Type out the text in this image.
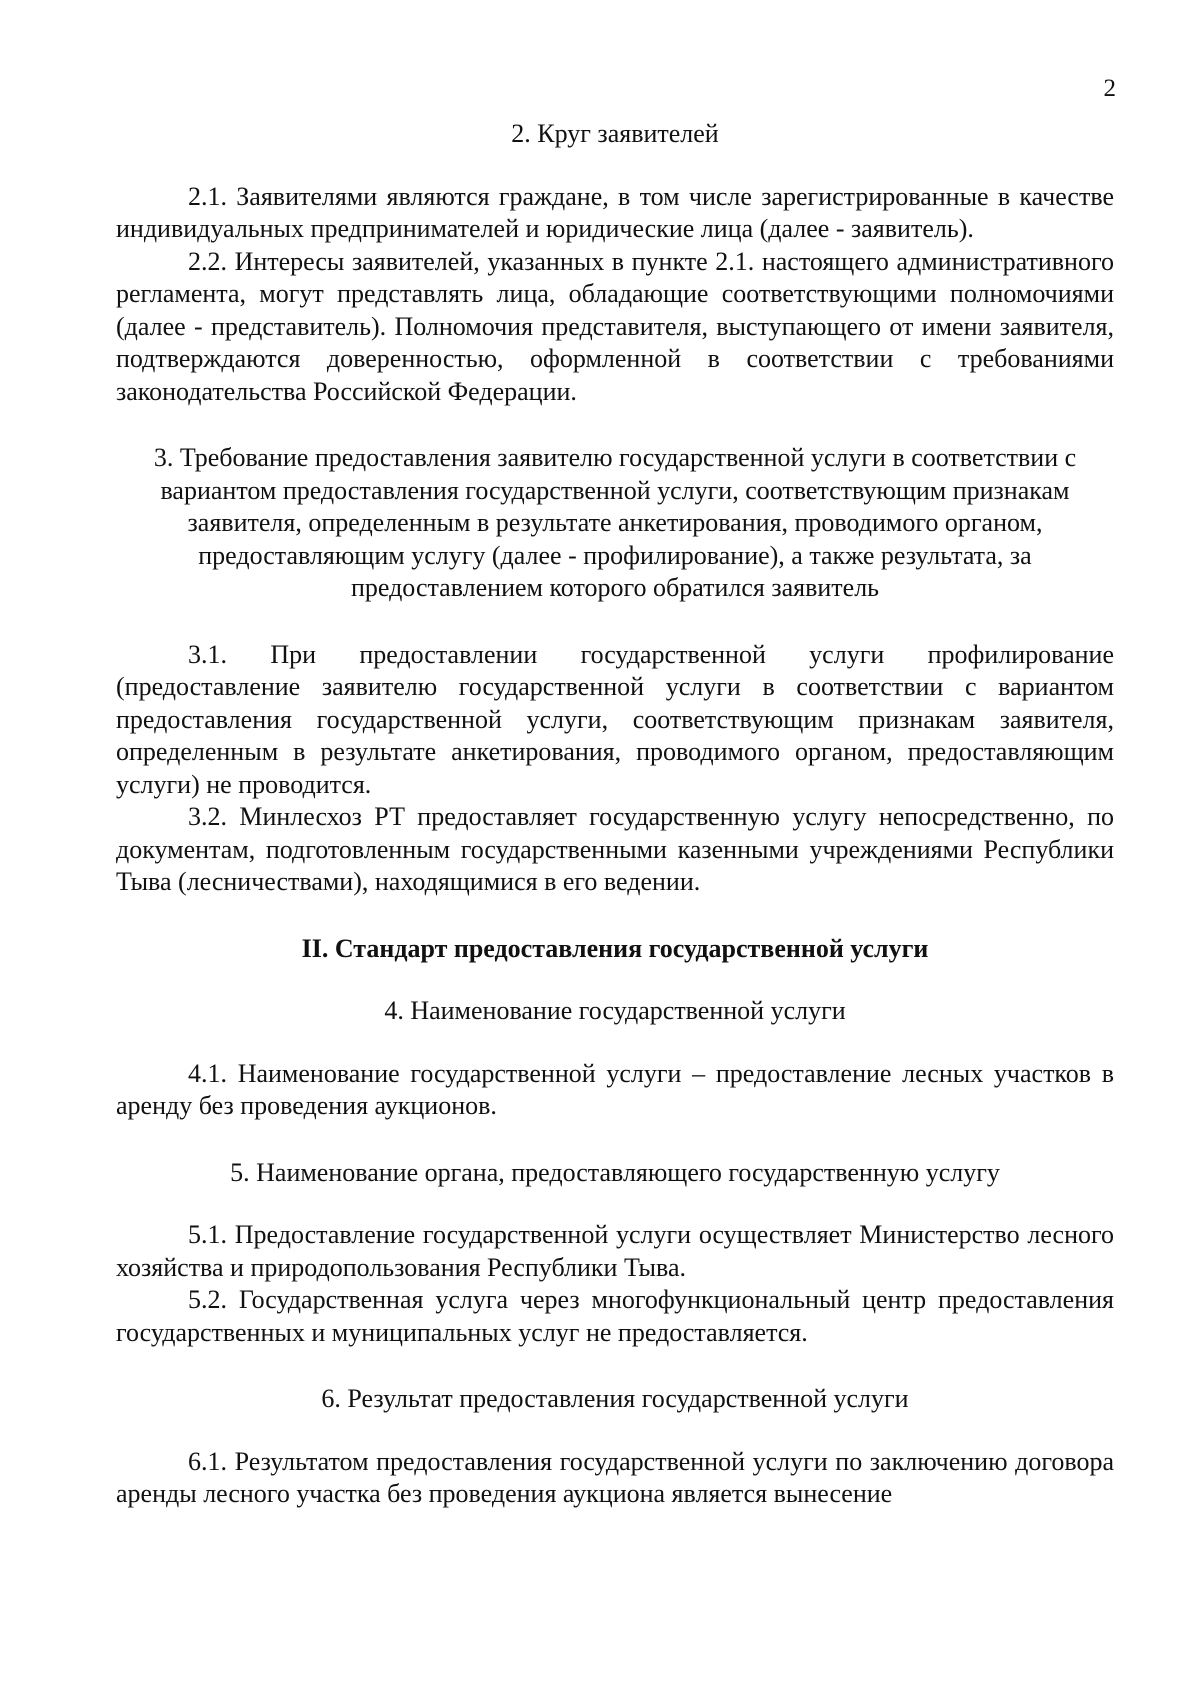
2

2. Круг заявителей

2.1. Заявителями являются граждане, в том числе зарегистрированные в качестве индивидуальных предпринимателей и юридические лица (далее - заявитель).

2.2. Интересы заявителей, указанных в пункте 2.1. настоящего административного регламента, могут представлять лица, обладающие соответствующими полномочиями (далее - представитель). Полномочия представителя, выступающего от имени заявителя, подтверждаются доверенностью, оформленной в соответствии с требованиями законодательства Российской Федерации.

3. Требование предоставления заявителю государственной услуги в соответствии с вариантом предоставления государственной услуги, соответствующим признакам заявителя, определенным в результате анкетирования, проводимого органом, предоставляющим услугу (далее - профилирование), а также результата, за предоставлением которого обратился заявитель

3.1. При предоставлении государственной услуги профилирование (предоставление заявителю государственной услуги в соответствии с вариантом предоставления государственной услуги, соответствующим признакам заявителя, определенным в результате анкетирования, проводимого органом, предоставляющим услуги) не проводится.

3.2. Минлесхоз РТ предоставляет государственную услугу непосредственно, по документам, подготовленным государственными казенными учреждениями Республики Тыва (лесничествами), находящимися в его ведении.

II. Стандарт предоставления государственной услуги

4. Наименование государственной услуги

4.1. Наименование государственной услуги – предоставление лесных участков в аренду без проведения аукционов.

5. Наименование органа, предоставляющего государственную услугу

5.1. Предоставление государственной услуги осуществляет Министерство лесного хозяйства и природопользования Республики Тыва.

5.2. Государственная услуга через многофункциональный центр предоставления государственных и муниципальных услуг не предоставляется.

6. Результат предоставления государственной услуги

6.1. Результатом предоставления государственной услуги по заключению договора аренды лесного участка без проведения аукциона является вынесение
